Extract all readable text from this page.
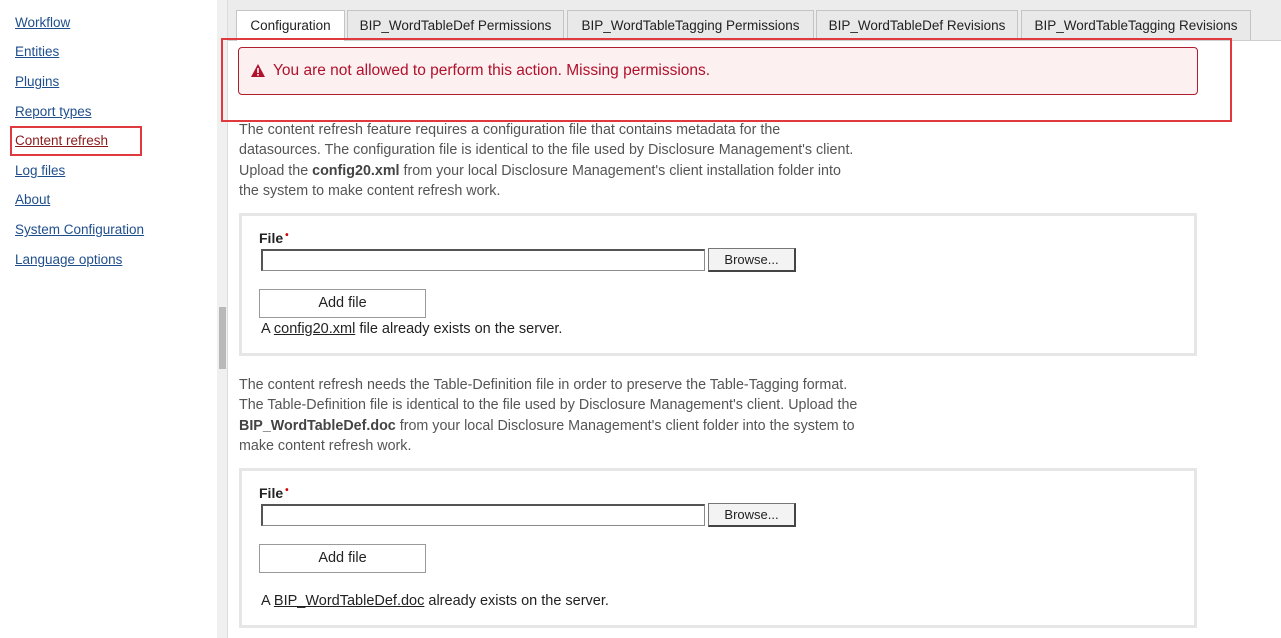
Workflow
Entities
Plugins
Report types
Content refresh
Log files
About
System Configuration
Language options
Configuration	BIP_WordTableDef Permissions	BIP_WordTableTagging Permissions	BIP_WordTableDef Revisions	BIP_WordTableTagging Revisions
You are not allowed to perform this action. Missing permissions.
The content refresh feature requires a configuration file that contains metadata for the datasources. The configuration file is identical to the file used by Disclosure Management's client. Upload the config20.xml from your local Disclosure Management's client installation folder into the system to make content refresh work.
File •
Browse...
Add file
A config20.xml file already exists on the server.
The content refresh needs the Table-Definition file in order to preserve the Table-Tagging format. The Table-Definition file is identical to the file used by Disclosure Management's client. Upload the BIP_WordTableDef.doc from your local Disclosure Management's client folder into the system to make content refresh work.
File •
Browse...
Add file
A BIP_WordTableDef.doc already exists on the server.
